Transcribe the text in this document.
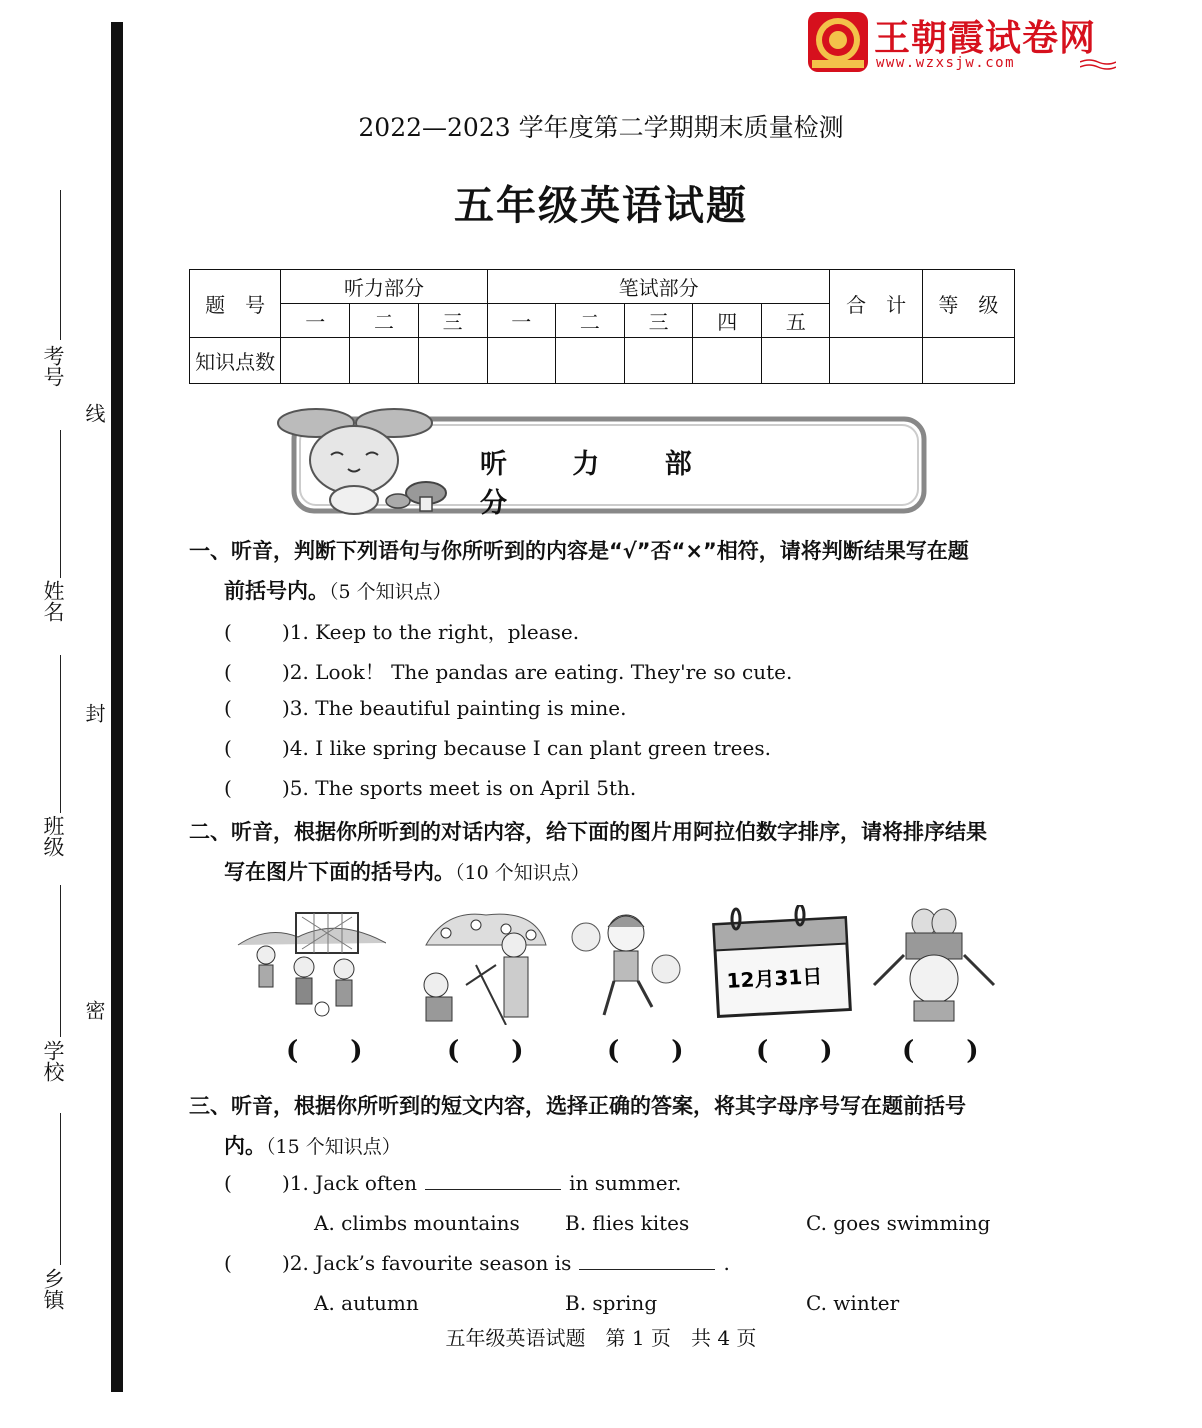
考号
姓名
班级
学校
乡镇
线
封
密
王朝霞试卷网
www.wzxsjw.com
2022—2023 学年度第二学期期末质量检测
五年级英语试题
题　号	听力部分			笔试部分					合　计	等　级
	一	二	三	一	二	三	四	五		
知识点数										
听 力 部 分
一、听音，判断下列语句与你所听到的内容是“√”否“×”相符，请将判断结果写在题
前括号内。（5 个知识点）
(	)1. Keep to the right，please.
(	)2. Look！ The pandas are eating. They're so cute.
(	)3. The beautiful painting is mine.
(	)4. I like spring because I can plant green trees.
(	)5. The sports meet is on April 5th.
二、听音，根据你所听到的对话内容，给下面的图片用阿拉伯数字排序，请将排序结果
写在图片下面的括号内。（10 个知识点）
12月31日
(　　)	(　　)	(　　)	(　　)	(　　)
三、听音，根据你所听到的短文内容，选择正确的答案，将其字母序号写在题前括号
内。（15 个知识点）
(	)1. Jack often	in summer.
A. climbs mountains B. flies kites	C. goes swimming
(	)2. Jack’s favourite season is	.
A. autumn	B. spring	C. winter
五年级英语试题　第 1 页　共 4 页
